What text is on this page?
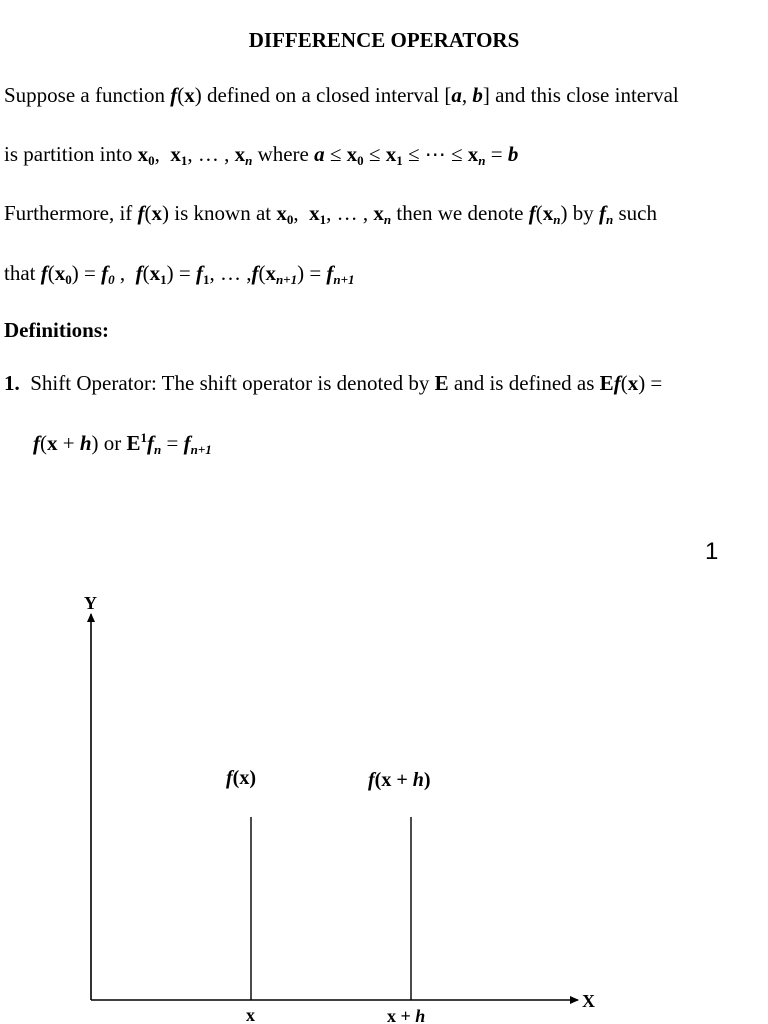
DIFFERENCE OPERATORS
Suppose a function f(x) defined on a closed interval [a, b] and this close interval
is partition into $x_0$,  $x_1$, … , $x_n$ where $a \le x_0 \le x_1$ ≤ ⋯ ≤ $x_n = b$
Furthermore, if f(x) is known at $x_0$,  $x_1$, … , $x_n$ then we denote $f(x_n)$ by $f_n$ such
that $f(x_0) = f_0$ ,  $f(x_1) = f_1$, … $,f(x_{n+1}) = f_{n+1}$
Definitions:
1. Shift Operator: The shift operator is denoted by E and is defined as Ef(x) =
f(x + h) or $E^1f_n = f_{n+1}$
1
Y
X
f(x)	f(x + h)
x	x + h
